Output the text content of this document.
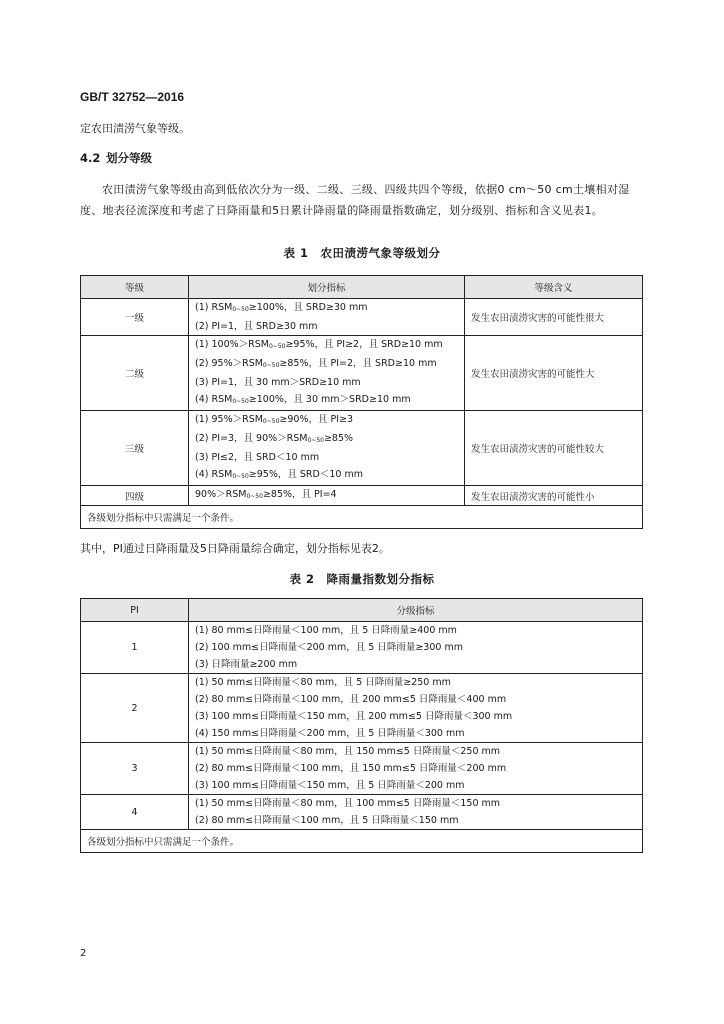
GB/T 32752—2016
定农田渍涝气象等级。
4.2 划分等级
农田渍涝气象等级由高到低依次分为一级、二级、三级、四级共四个等级，依据0 cm～50 cm土壤相对湿度、地表径流深度和考虑了日降雨量和5日累计降雨量的降雨量指数确定，划分级别、指标和含义见表1。
表 1　农田渍涝气象等级划分
等级	划分指标	等级含义
一级	(1) RSM0~50≥100%，且 SRD≥30 mm
(2) PI=1，且 SRD≥30 mm	发生农田渍涝灾害的可能性很大
二级	(1) 100%＞RSM0~50≥95%，且 PI≥2，且 SRD≥10 mm
(2) 95%＞RSM0~50≥85%，且 PI=2，且 SRD≥10 mm
(3) PI=1，且 30 mm＞SRD≥10 mm
(4) RSM0~50≥100%，且 30 mm＞SRD≥10 mm	发生农田渍涝灾害的可能性大
三级	(1) 95%＞RSM0~50≥90%，且 PI≥3
(2) PI=3，且 90%＞RSM0~50≥85%
(3) PI≤2，且 SRD＜10 mm
(4) RSM0~50≥95%，且 SRD＜10 mm	发生农田渍涝灾害的可能性较大
四级	90%＞RSM0~50≥85%，且 PI=4	发生农田渍涝灾害的可能性小
各级划分指标中只需满足一个条件。		
其中，PI通过日降雨量及5日降雨量综合确定，划分指标见表2。
表 2　降雨量指数划分指标
PI	分级指标
1	(1) 80 mm≤日降雨量＜100 mm，且 5 日降雨量≥400 mm
(2) 100 mm≤日降雨量＜200 mm，且 5 日降雨量≥300 mm
(3) 日降雨量≥200 mm

2	(1) 50 mm≤日降雨量＜80 mm，且 5 日降雨量≥250 mm
(2) 80 mm≤日降雨量＜100 mm，且 200 mm≤5 日降雨量＜400 mm
(3) 100 mm≤日降雨量＜150 mm，且 200 mm≤5 日降雨量＜300 mm
(4) 150 mm≤日降雨量＜200 mm，且 5 日降雨量＜300 mm

3	(1) 50 mm≤日降雨量＜80 mm，且 150 mm≤5 日降雨量＜250 mm
(2) 80 mm≤日降雨量＜100 mm，且 150 mm≤5 日降雨量＜200 mm
(3) 100 mm≤日降雨量＜150 mm，且 5 日降雨量＜200 mm

4	(1) 50 mm≤日降雨量＜80 mm，且 100 mm≤5 日降雨量＜150 mm
(2) 80 mm≤日降雨量＜100 mm，且 5 日降雨量＜150 mm

各级划分指标中只需满足一个条件。	
2
